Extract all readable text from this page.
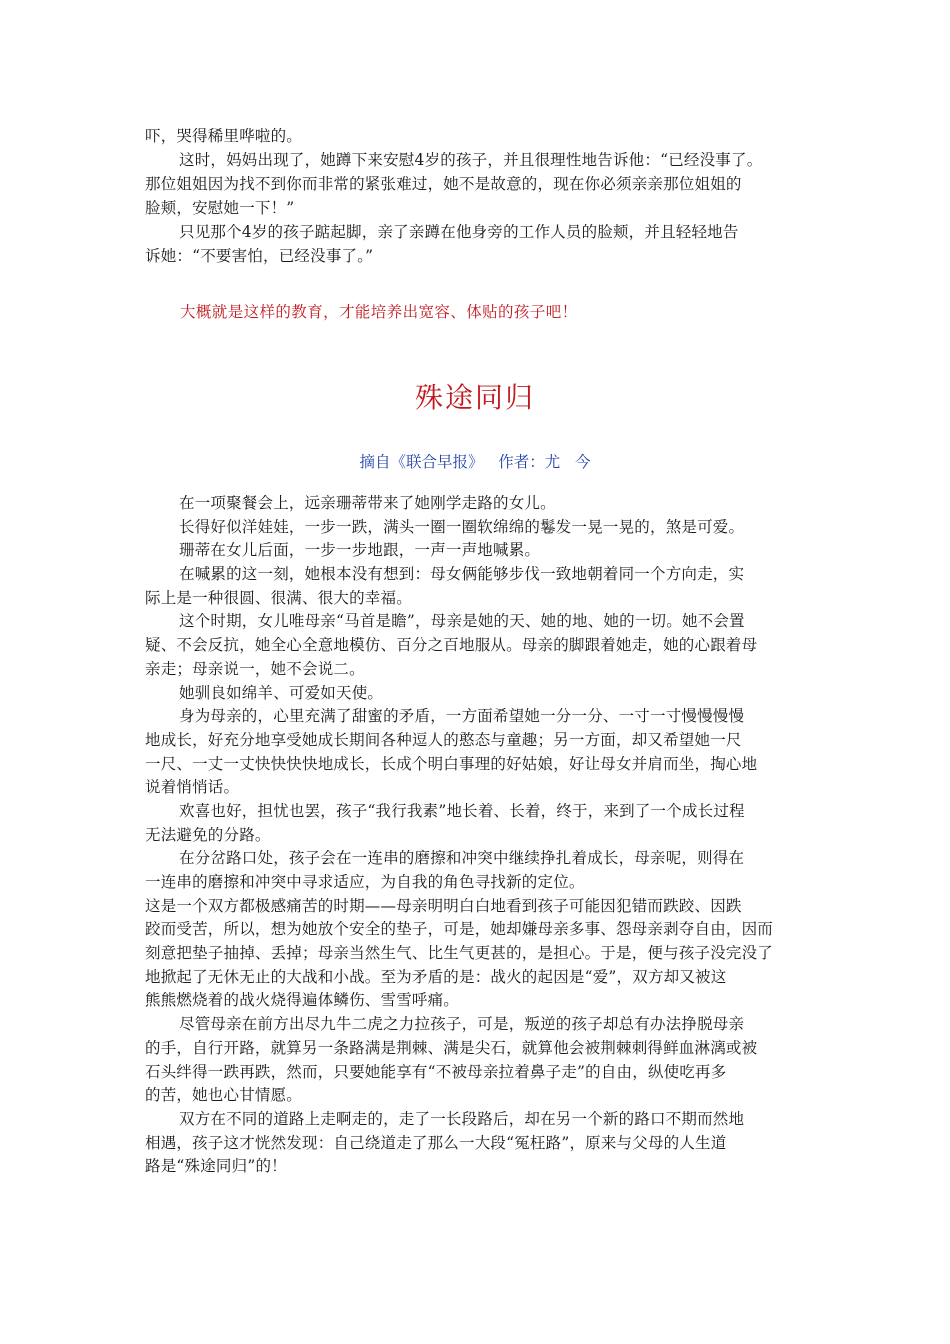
吓，哭得稀里哗啦的。
这时，妈妈出现了，她蹲下来安慰4岁的孩子，并且很理性地告诉他：“已经没事了。
那位姐姐因为找不到你而非常的紧张难过，她不是故意的，现在你必须亲亲那位姐姐的
脸颊，安慰她一下！”
只见那个4岁的孩子踮起脚，亲了亲蹲在他身旁的工作人员的脸颊，并且轻轻地告
诉她：“不要害怕，已经没事了。”
大概就是这样的教育，才能培养出宽容、体贴的孩子吧！
殊途同归
摘自《联合早报》   作者：尤   今
在一项聚餐会上，远亲珊蒂带来了她刚学走路的女儿。
长得好似洋娃娃，一步一跌，满头一圈一圈软绵绵的鬈发一晃一晃的，煞是可爱。
珊蒂在女儿后面，一步一步地跟，一声一声地喊累。
在喊累的这一刻，她根本没有想到：母女俩能够步伐一致地朝着同一个方向走，实
际上是一种很圆、很满、很大的幸福。
这个时期，女儿唯母亲“马首是瞻”，母亲是她的天、她的地、她的一切。她不会置
疑、不会反抗，她全心全意地模仿、百分之百地服从。母亲的脚跟着她走，她的心跟着母
亲走；母亲说一，她不会说二。
她驯良如绵羊、可爱如天使。
身为母亲的，心里充满了甜蜜的矛盾，一方面希望她一分一分、一寸一寸慢慢慢慢
地成长，好充分地享受她成长期间各种逗人的憨态与童趣；另一方面，却又希望她一尺
一尺、一丈一丈快快快快地成长，长成个明白事理的好姑娘，好让母女并肩而坐，掏心地
说着悄悄话。
欢喜也好，担忧也罢，孩子“我行我素”地长着、长着，终于，来到了一个成长过程
无法避免的分路。
在分岔路口处，孩子会在一连串的磨擦和冲突中继续挣扎着成长，母亲呢，则得在
一连串的磨擦和冲突中寻求适应，为自我的角色寻找新的定位。
这是一个双方都极感痛苦的时期——母亲明明白白地看到孩子可能因犯错而跌跤、因跌
跤而受苦，所以，想为她放个安全的垫子，可是，她却嫌母亲多事、怨母亲剥夺自由，因而
刻意把垫子抽掉、丢掉；母亲当然生气、比生气更甚的，是担心。于是，便与孩子没完没了
地掀起了无休无止的大战和小战。至为矛盾的是：战火的起因是“爱”，双方却又被这
熊熊燃烧着的战火烧得遍体鳞伤、雪雪呼痛。
尽管母亲在前方出尽九牛二虎之力拉孩子，可是，叛逆的孩子却总有办法挣脱母亲
的手，自行开路，就算另一条路满是荆棘、满是尖石，就算他会被荆棘刺得鲜血淋漓或被
石头绊得一跌再跌，然而，只要她能享有“不被母亲拉着鼻子走”的自由，纵使吃再多
的苦，她也心甘情愿。
双方在不同的道路上走啊走的，走了一长段路后，却在另一个新的路口不期而然地
相遇，孩子这才恍然发现：自己绕道走了那么一大段“冤枉路”，原来与父母的人生道
路是“殊途同归”的！
